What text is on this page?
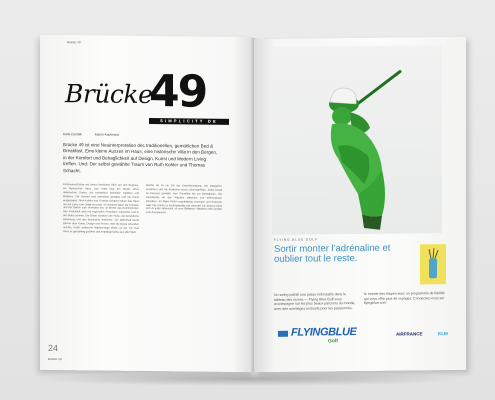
Brücke 49
Brücke
49
SIMPLICITY DE LUXE
Katia Candeli	Martin Kaufmann
Brücke 49 ist eine Neuinterpretation des traditionellen, gemütlichen Bed & Breakfast. Eine kleine Auszeit im Haus, eine historische Villa in den Bergen, in der Komfort und Behaglichkeit auf Design, Kunst und Modern Living treffen. Und: Der selbst gewählte Traum von Ruth Kohler und Thomas Schacht.
Pontresina-Brücke mit einem herrlichen Blick auf den Bergsee, ein historisches Haus. Das Hotel liegt am Rande eines malerischen Dorfes, die Architektur verbindet Tradition und Moderne. Die Zimmer sind individuell gestaltet und mit Kunst ausgestattet. Ruth Kohler und Thomas Schacht haben das Haus mit viel Liebe zum Detail renoviert. Im Sommer laden die Terrasse und der Garten zum Verweilen ein, im Winter das Kaminzimmer. Das Frühstück wird mit regionalen Produkten zubereitet und in der Stube serviert. Die Gäste schätzen die Ruhe, die persönliche Betreuung und das besondere Ambiente. Die Bibliothek bietet Bücher über Kunst, Design und Reisen. Wer die Berge erkunden möchte, findet zahlreiche Wanderwege direkt vor der Tür. Das Haus ist ganzjährig geöffnet und empfängt Gäste aus aller Welt.
Brücke 49 ist ein Ort der Entschleunigung. Die Gastgeber verstehen sich als Kuratoren eines Lebensgefühls. Jedes Detail ist bewusst gewählt, vom Porzellan bis zur Bettwäsche. Die Kunstwerke an den Wänden stammen von befreundeten Künstlern. Im Salon finden regelmässig Lesungen und Konzerte statt. Die Küche ist bodenständig und saisonal. Ein Besuch lohnt sich zu jeder Jahreszeit, ob zum Skifahren, Wandern oder einfach zum Ausspannen.
24
Brücke 49
FLYING BLUE GOLF
Sortir monter l'adrénaline et oublier tout le reste.
Un swing parfait une passe redoutable dans le tableau des scores — Flying Blue Golf vous accompagne sur les plus beaux parcours du monde, avec des avantages exclusifs pour les passionnés.
le monde des étapes avec un programme de fidélité qui vous offre plus de voyages. Connectez-vous sur flyingblue.com
FLYINGBLUE
Golf
AIRFRANCE	KLM
